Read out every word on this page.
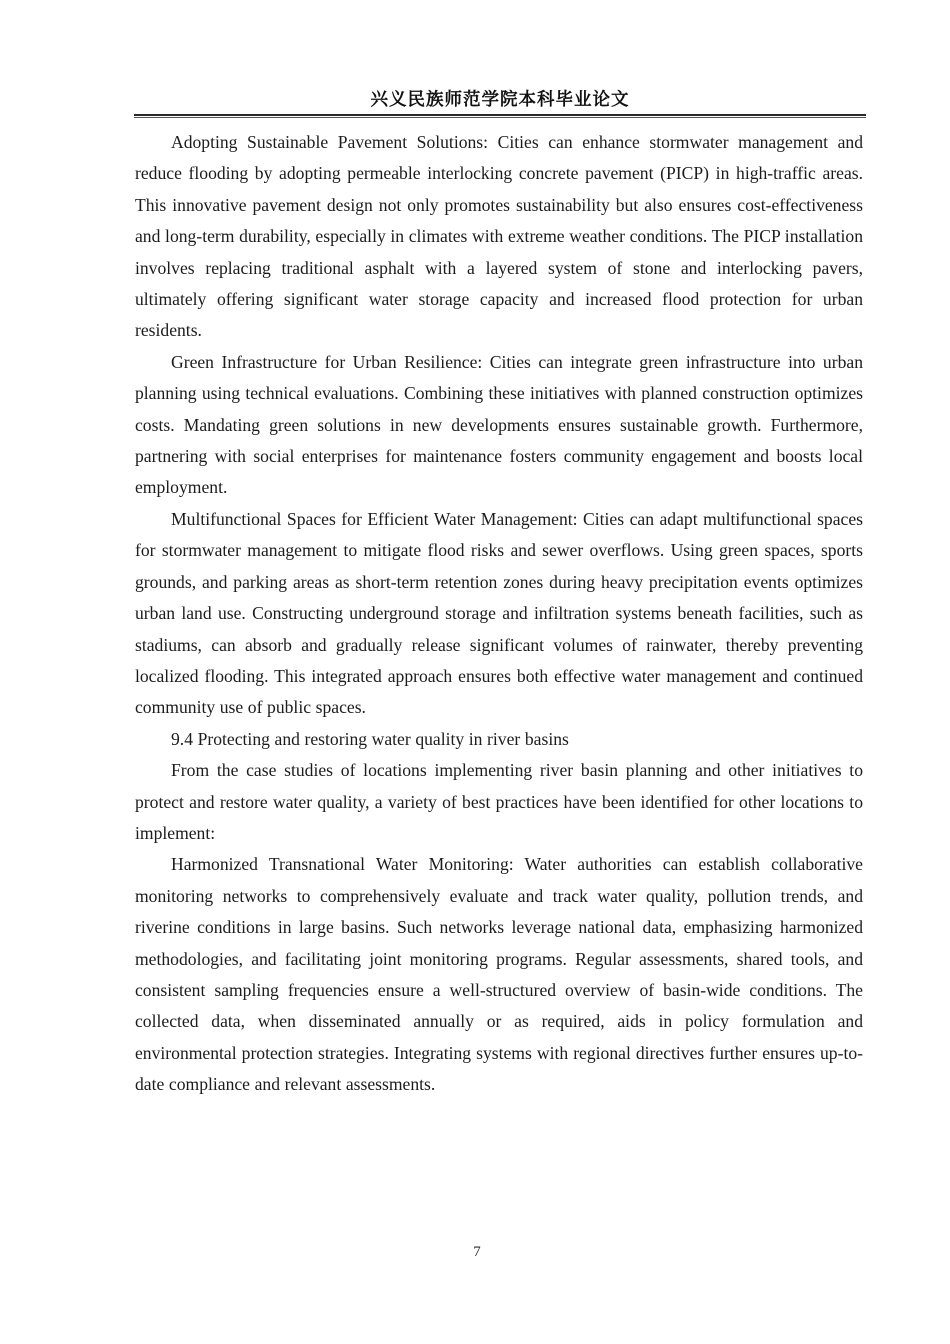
兴义民族师范学院本科毕业论文

Adopting Sustainable Pavement Solutions: Cities can enhance stormwater management and reduce flooding by adopting permeable interlocking concrete pavement (PICP) in high-traffic areas. This innovative pavement design not only promotes sustainability but also ensures cost-effectiveness and long-term durability, especially in climates with extreme weather conditions. The PICP installation involves replacing traditional asphalt with a layered system of stone and interlocking pavers, ultimately offering significant water storage capacity and increased flood protection for urban residents.

Green Infrastructure for Urban Resilience: Cities can integrate green infrastructure into urban planning using technical evaluations. Combining these initiatives with planned construction optimizes costs. Mandating green solutions in new developments ensures sustainable growth. Furthermore, partnering with social enterprises for maintenance fosters community engagement and boosts local employment.

Multifunctional Spaces for Efficient Water Management: Cities can adapt multifunctional spaces for stormwater management to mitigate flood risks and sewer overflows. Using green spaces, sports grounds, and parking areas as short-term retention zones during heavy precipitation events optimizes urban land use. Constructing underground storage and infiltration systems beneath facilities, such as stadiums, can absorb and gradually release significant volumes of rainwater, thereby preventing localized flooding. This integrated approach ensures both effective water management and continued community use of public spaces.

9.4 Protecting and restoring water quality in river basins

From the case studies of locations implementing river basin planning and other initiatives to protect and restore water quality, a variety of best practices have been identified for other locations to implement:

Harmonized Transnational Water Monitoring: Water authorities can establish collaborative monitoring networks to comprehensively evaluate and track water quality, pollution trends, and riverine conditions in large basins. Such networks leverage national data, emphasizing harmonized methodologies, and facilitating joint monitoring programs. Regular assessments, shared tools, and consistent sampling frequencies ensure a well-structured overview of basin-wide conditions. The collected data, when disseminated annually or as required, aids in policy formulation and environmental protection strategies. Integrating systems with regional directives further ensures up-to-date compliance and relevant assessments.

7
